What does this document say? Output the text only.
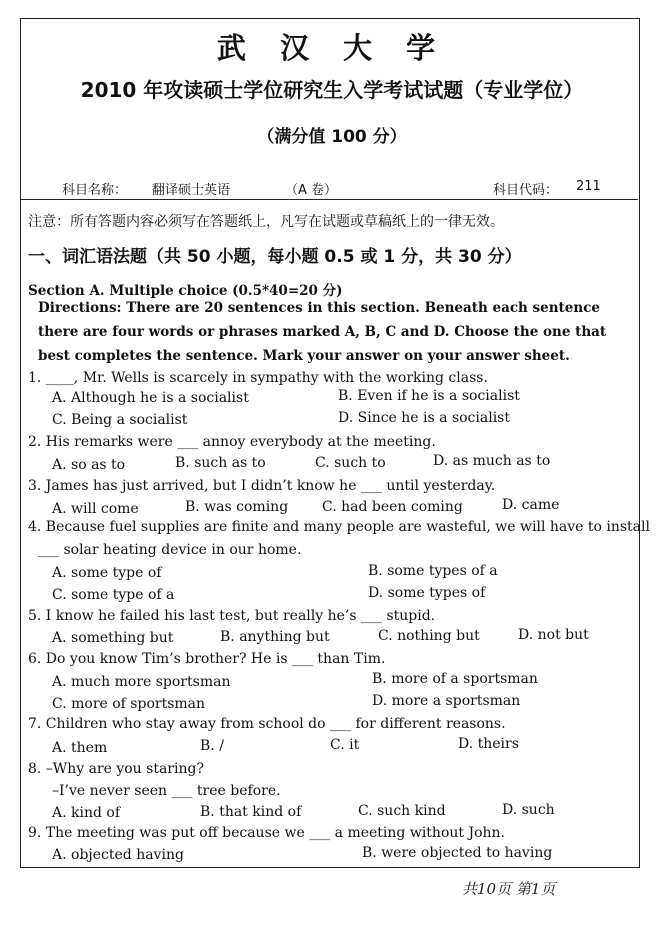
武 汉 大 学
2010 年攻读硕士学位研究生入学考试试题（专业学位）
（满分值 100 分）
科目名称： 翻译硕士英语	（A 卷）	科目代码： 211
注意：所有答题内容必须写在答题纸上，凡写在试题或草稿纸上的一律无效。
一、词汇语法题（共 50 小题，每小题 0.5 或 1 分，共 30 分）
Section A. Multiple choice (0.5*40=20 分)
Directions: There are 20 sentences in this section. Beneath each sentence there are four words or phrases marked A, B, C and D. Choose the one that best completes the sentence. Mark your answer on your answer sheet.
1. ____, Mr. Wells is scarcely in sympathy with the working class.
A. Although he is a socialist	B. Even if he is a socialist
C. Being a socialist	D. Since he is a socialist
2. His remarks were ___ annoy everybody at the meeting.
A. so as to	B. such as to	C. such to	D. as much as to
3. James has just arrived, but I didn’t know he ___ until yesterday.
A. will come	B. was coming C. had been coming	D. came
4. Because fuel supplies are finite and many people are wasteful, we will have to install
___ solar heating device in our home.
A. some type of	B. some types of a
C. some type of a	D. some types of
5. I know he failed his last test, but really he’s ___ stupid.
A. something but	B. anything but	C. nothing but	D. not but
6. Do you know Tim’s brother? He is ___ than Tim.
A. much more sportsman	B. more of a sportsman
C. more of sportsman	D. more a sportsman
7. Children who stay away from school do ___ for different reasons.
A. them	B. /	C. it	D. theirs
8. –Why are you staring?
–I’ve never seen ___ tree before.
A. kind of	B. that kind of	C. such kind	D. such
9. The meeting was put off because we ___ a meeting without John.
A. objected having	B. were objected to having
共10页 第1页
